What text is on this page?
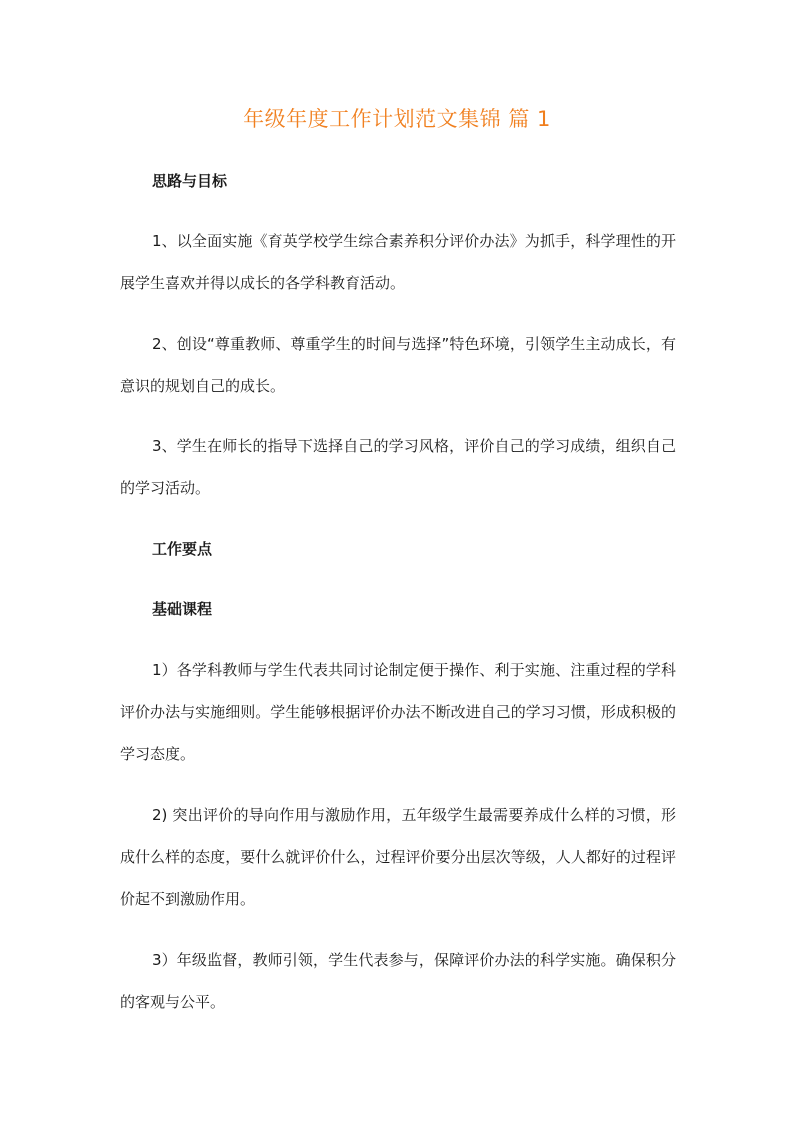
年级年度工作计划范文集锦 篇 1
思路与目标

1、以全面实施《育英学校学生综合素养积分评价办法》为抓手，科学理性的开展学生喜欢并得以成长的各学科教育活动。

2、创设“尊重教师、尊重学生的时间与选择”特色环境，引领学生主动成长，有意识的规划自己的成长。

3、学生在师长的指导下选择自己的学习风格，评价自己的学习成绩，组织自己的学习活动。

工作要点
基础课程

1）各学科教师与学生代表共同讨论制定便于操作、利于实施、注重过程的学科评价办法与实施细则。学生能够根据评价办法不断改进自己的学习习惯，形成积极的学习态度。

2) 突出评价的导向作用与激励作用，五年级学生最需要养成什么样的习惯，形成什么样的态度，要什么就评价什么，过程评价要分出层次等级，人人都好的过程评价起不到激励作用。

3）年级监督，教师引领，学生代表参与，保障评价办法的科学实施。确保积分的客观与公平。
